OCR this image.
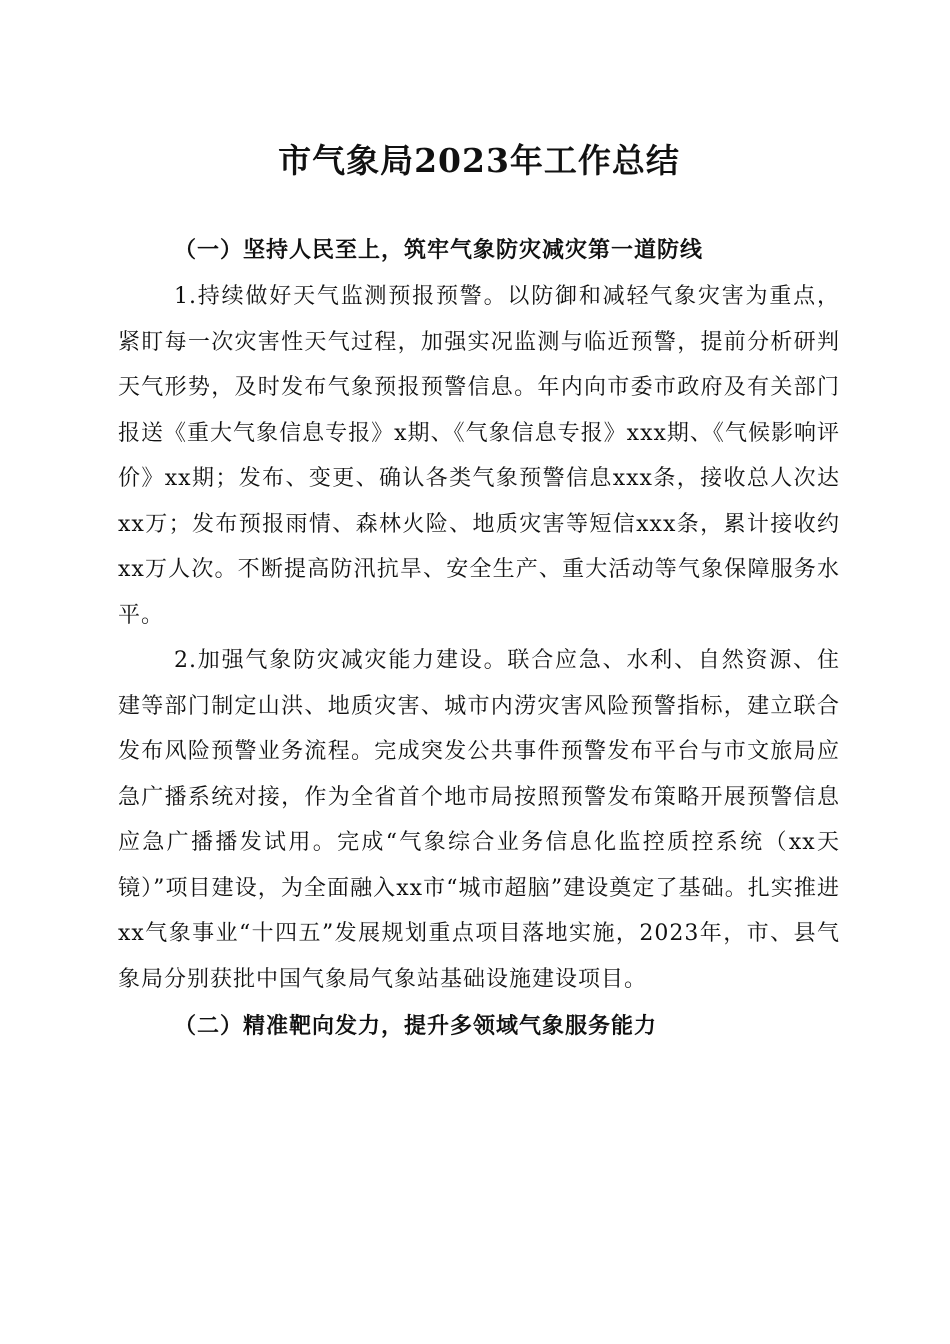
市气象局2023年工作总结

（一）坚持人民至上，筑牢气象防灾减灾第一道防线

1.持续做好天气监测预报预警。以防御和减轻气象灾害为重点，紧盯每一次灾害性天气过程，加强实况监测与临近预警，提前分析研判天气形势，及时发布气象预报预警信息。年内向市委市政府及有关部门报送《重大气象信息专报》x期、《气象信息专报》xxx期、《气候影响评价》xx期；发布、变更、确认各类气象预警信息xxx条，接收总人次达xx万；发布预报雨情、森林火险、地质灾害等短信xxx条，累计接收约xx万人次。不断提高防汛抗旱、安全生产、重大活动等气象保障服务水平。

2.加强气象防灾减灾能力建设。联合应急、水利、自然资源、住建等部门制定山洪、地质灾害、城市内涝灾害风险预警指标，建立联合发布风险预警业务流程。完成突发公共事件预警发布平台与市文旅局应急广播系统对接，作为全省首个地市局按照预警发布策略开展预警信息应急广播播发试用。完成“气象综合业务信息化监控质控系统（xx天镜）”项目建设，为全面融入xx市“城市超脑”建设奠定了基础。扎实推进xx气象事业“十四五”发展规划重点项目落地实施，2023年，市、县气象局分别获批中国气象局气象站基础设施建设项目。

（二）精准靶向发力，提升多领域气象服务能力
